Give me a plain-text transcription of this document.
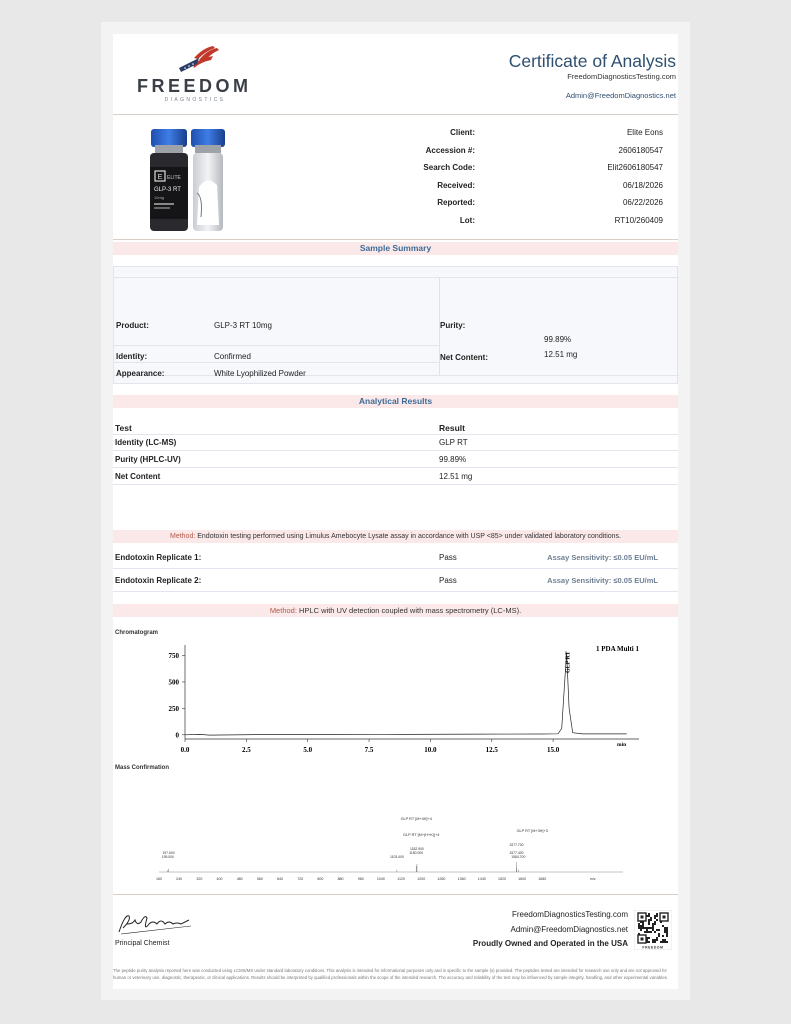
FREEDOM
DIAGNOSTICS
Certificate of Analysis
FreedomDiagnosticsTesting.com
Admin@FreedomDiagnostics.net
E ELITE
GLP-3 RT
10mg
Client:	Elite Eons
Accession #:	2606180547
Search Code:	Elit2606180547
Received:	06/18/2026
Reported:	06/22/2026
Lot:	RT10/260409
Sample Summary
Product:	GLP-3 RT 10mg
Identity:	Confirmed
Appearance:	White Lyophilized Powder
Purity:
99.89%
Net Content:	12.51 mg
Analytical Results
Test	Result
Identity (LC-MS)	GLP RT
Purity (HPLC-UV)	99.89%
Net Content	12.51 mg
Method: Endotoxin testing performed using Limulus Amebocyte Lysate assay in accordance with USP <85> under validated laboratory conditions.
Endotoxin Replicate 1:	Pass	Assay Sensitivity: ≤0.05 EU/mL
Endotoxin Replicate 2:	Pass	Assay Sensitivity: ≤0.05 EU/mL
Method: HPLC with UV detection coupled with mass spectrometry (LC-MS).
Chromatogram
0
250
500
750
0.0	2.5	5.0	7.5	10.0	12.5	15.0
min
1 PDA Multi 1
GLP RT
Mass Confirmation
160	240	320	400	480	560	640	720	800	880	960	1040	1120	1200	1280	1360	1440	1520	1600	1680	m/z
197.600
195.000	1103.400
1182.900
1180.000
1577.700
1577.400
1584.700
GLP RT [M+4H]+4
GLP RT [M+(H+K)]+4
GLP RT [M+3H]+3
Principal Chemist
FreedomDiagnosticsTesting.com
Admin@FreedomDiagnostics.net
Proudly Owned and Operated in the USA	FREEDOM
The peptide purity analysis reported here was conducted using LCMS/MS under standard laboratory conditions. This analysis is intended for informational purposes only and is specific to the sample (s) provided. The peptides tested are intended for research use only and are not approved for human or veterinary use, diagnostic, therapeutic, or clinical applications. Results should be interpreted by qualified professionals within the scope of the intended research. The accuracy and reliability of the test may be influenced by sample integrity, handling, and other experimental variables.
